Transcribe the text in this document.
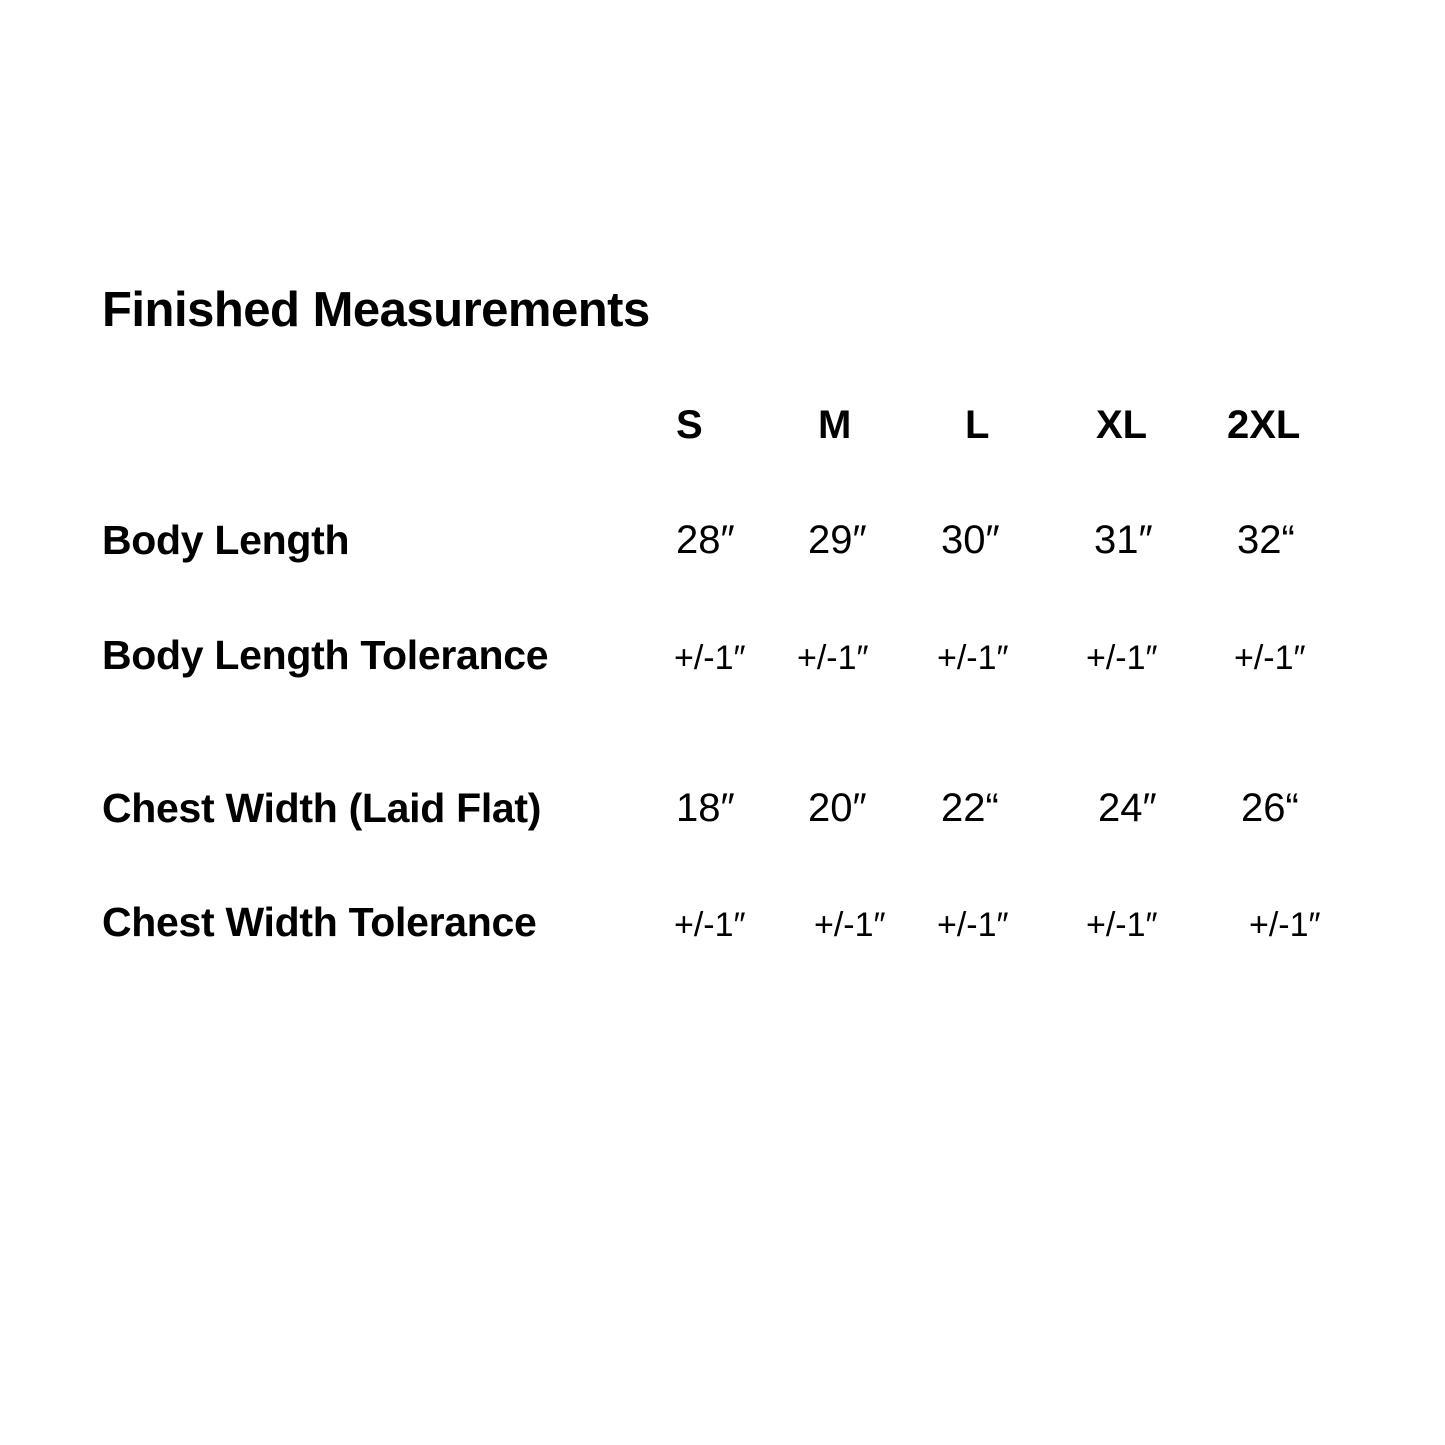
Finished Measurements
S	M	L	XL 2XL
Body Length	28″ 29″ 30″ 31″ 32“
Body Length Tolerance	+/-1″ +/-1″ +/-1″ +/-1″ +/-1″
Chest Width (Laid Flat)	18″ 20″ 22“ 24″ 26“
Chest Width Tolerance	+/-1″ +/-1″ +/-1″ +/-1″	+/-1″
